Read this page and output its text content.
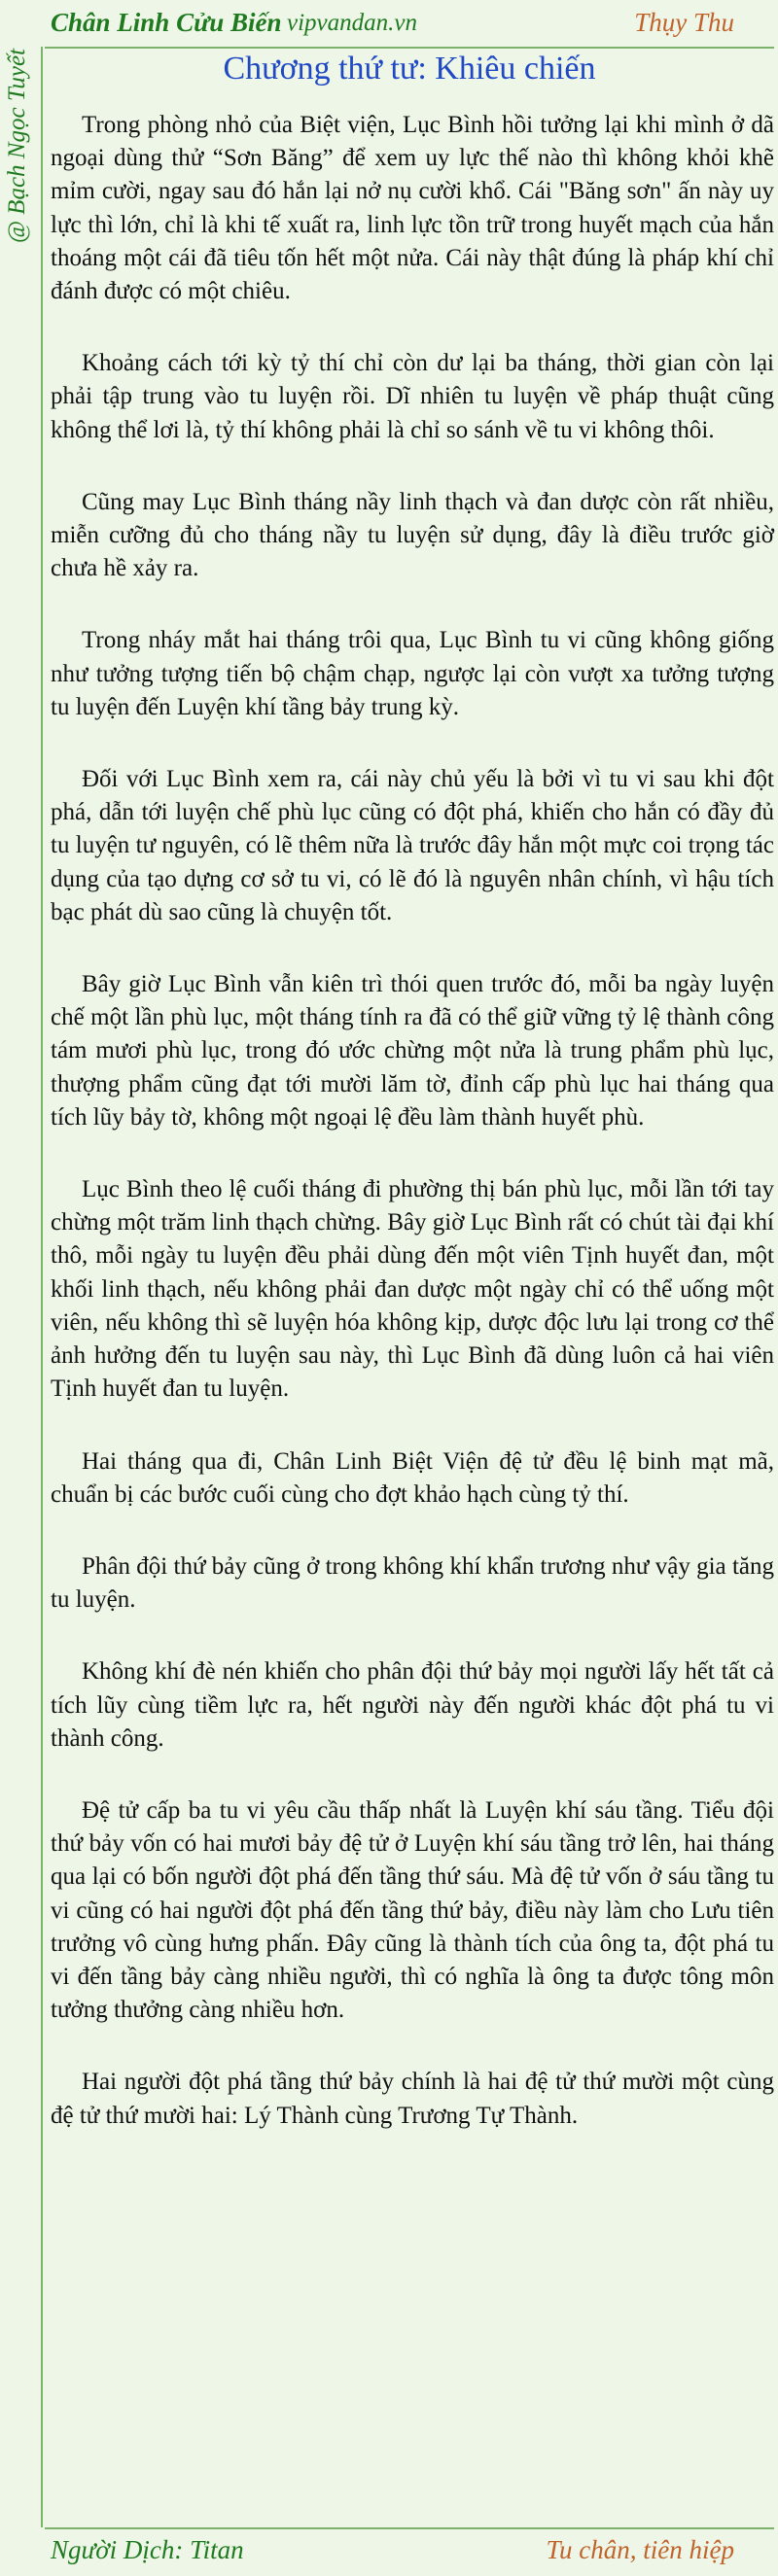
Chân Linh Cửu Biến vipvandan.vn	Thụy Thu
@ Bạch Ngọc Tuyết	Chương thứ tư: Khiêu chiến

Trong phòng nhỏ của Biệt viện, Lục Bình hồi tưởng lại khi mình ở dã ngoại dùng thử “Sơn Băng” để xem uy lực thế nào thì không khỏi khẽ mỉm cười, ngay sau đó hắn lại nở nụ cười khổ. Cái "Băng sơn" ấn này uy lực thì lớn, chỉ là khi tế xuất ra, linh lực tồn trữ trong huyết mạch của hắn thoáng một cái đã tiêu tốn hết một nửa. Cái này thật đúng là pháp khí chỉ đánh được có một chiêu.

Khoảng cách tới kỳ tỷ thí chỉ còn dư lại ba tháng, thời gian còn lại phải tập trung vào tu luyện rồi. Dĩ nhiên tu luyện về pháp thuật cũng không thể lơi là, tỷ thí không phải là chỉ so sánh về tu vi không thôi.

Cũng may Lục Bình tháng nầy linh thạch và đan dược còn rất nhiều, miễn cưỡng đủ cho tháng nầy tu luyện sử dụng, đây là điều trước giờ chưa hề xảy ra.

Trong nháy mắt hai tháng trôi qua, Lục Bình tu vi cũng không giống như tưởng tượng tiến bộ chậm chạp, ngược lại còn vượt xa tưởng tượng tu luyện đến Luyện khí tầng bảy trung kỳ.

Đối với Lục Bình xem ra, cái này chủ yếu là bởi vì tu vi sau khi đột phá, dẫn tới luyện chế phù lục cũng có đột phá, khiến cho hắn có đầy đủ tu luyện tư nguyên, có lẽ thêm nữa là trước đây hắn một mực coi trọng tác dụng của tạo dựng cơ sở tu vi, có lẽ đó là nguyên nhân chính, vì hậu tích bạc phát dù sao cũng là chuyện tốt.

Bây giờ Lục Bình vẫn kiên trì thói quen trước đó, mỗi ba ngày luyện chế một lần phù lục, một tháng tính ra đã có thể giữ vững tỷ lệ thành công tám mươi phù lục, trong đó ước chừng một nửa là trung phẩm phù lục, thượng phẩm cũng đạt tới mười lăm tờ, đỉnh cấp phù lục hai tháng qua tích lũy bảy tờ, không một ngoại lệ đều làm thành huyết phù.

Lục Bình theo lệ cuối tháng đi phường thị bán phù lục, mỗi lần tới tay chừng một trăm linh thạch chừng. Bây giờ Lục Bình rất có chút tài đại khí thô, mỗi ngày tu luyện đều phải dùng đến một viên Tịnh huyết đan, một khối linh thạch, nếu không phải đan dược một ngày chỉ có thể uống một viên, nếu không thì sẽ luyện hóa không kịp, dược độc lưu lại trong cơ thể ảnh hưởng đến tu luyện sau này, thì Lục Bình đã dùng luôn cả hai viên Tịnh huyết đan tu luyện.

Hai tháng qua đi, Chân Linh Biệt Viện đệ tử đều lệ binh mạt mã, chuẩn bị các bước cuối cùng cho đợt khảo hạch cùng tỷ thí.

Phân đội thứ bảy cũng ở trong không khí khẩn trương như vậy gia tăng tu luyện.

Không khí đè nén khiến cho phân đội thứ bảy mọi người lấy hết tất cả tích lũy cùng tiềm lực ra, hết người này đến người khác đột phá tu vi thành công.

Đệ tử cấp ba tu vi yêu cầu thấp nhất là Luyện khí sáu tầng. Tiểu đội thứ bảy vốn có hai mươi bảy đệ tử ở Luyện khí sáu tầng trở lên, hai tháng qua lại có bốn người đột phá đến tầng thứ sáu. Mà đệ tử vốn ở sáu tầng tu vi cũng có hai người đột phá đến tầng thứ bảy, điều này làm cho Lưu tiên trưởng vô cùng hưng phấn. Đây cũng là thành tích của ông ta, đột phá tu vi đến tầng bảy càng nhiều người, thì có nghĩa là ông ta được tông môn tưởng thưởng càng nhiều hơn.

Hai người đột phá tầng thứ bảy chính là hai đệ tử thứ mười một cùng đệ tử thứ mười hai: Lý Thành cùng Trương Tự Thành.

Người Dịch: Titan	Tu chân, tiên hiệp
